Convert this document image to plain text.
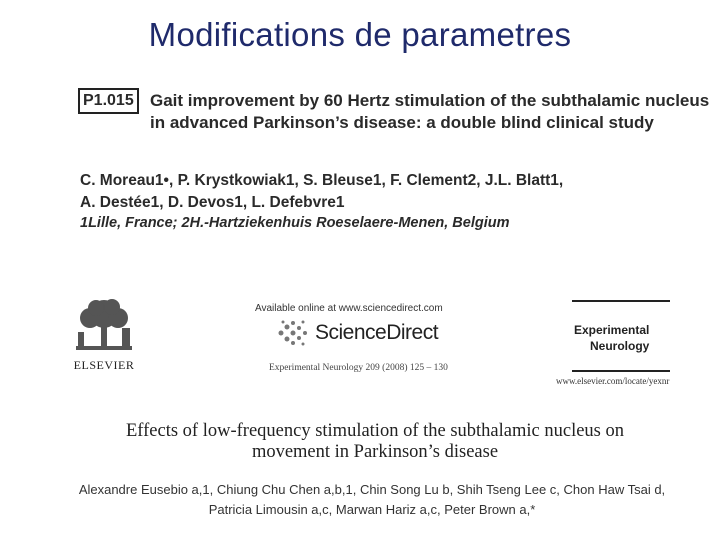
Modifications de parametres
P1.015 Gait improvement by 60 Hertz stimulation of the subthalamic nucleus in advanced Parkinson’s disease: a double blind clinical study
C. Moreau1•, P. Krystkowiak1, S. Bleuse1, F. Clement2, J.L. Blatt1,
A. Destée1, D. Devos1, L. Defebvre1
1Lille, France; 2H.-Hartziekenhuis Roeselaere-Menen, Belgium
ELSEVIER
Available online at www.sciencedirect.com
ScienceDirect
Experimental Neurology 209 (2008) 125 – 130
Experimental
Neurology
www.elsevier.com/locate/yexnr
Effects of low-frequency stimulation of the subthalamic nucleus on
movement in Parkinson’s disease
Alexandre Eusebio a,1, Chiung Chu Chen a,b,1, Chin Song Lu b, Shih Tseng Lee c, Chon Haw Tsai d,
Patricia Limousin a,c, Marwan Hariz a,c, Peter Brown a,*
